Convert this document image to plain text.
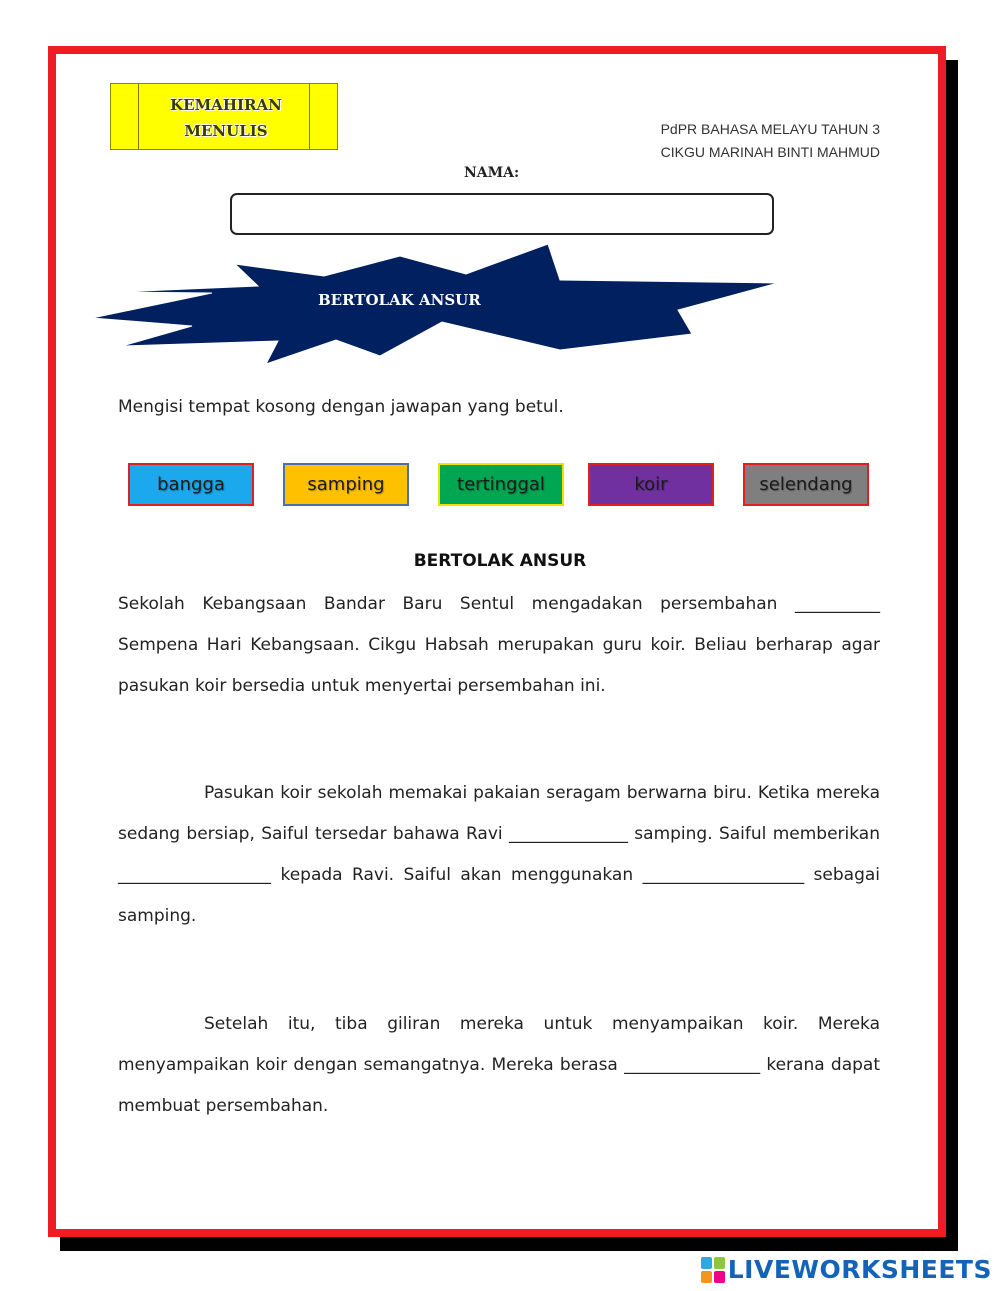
KEMAHIRAN
MENULIS	PdPR BAHASA MELAYU TAHUN 3
CIKGU MARINAH BINTI MAHMUD
NAMA:
BERTOLAK ANSUR
Mengisi tempat kosong dengan jawapan yang betul.
bangga	samping	tertinggal	koir	selendang
BERTOLAK ANSUR

Sekolah Kebangsaan Bandar Baru Sentul mengadakan persembahan __________ Sempena Hari Kebangsaan. Cikgu Habsah merupakan guru koir. Beliau berharap agar pasukan koir bersedia untuk menyertai persembahan ini.

Pasukan koir sekolah memakai pakaian seragam berwarna biru. Ketika mereka sedang bersiap, Saiful tersedar bahawa Ravi ______________ samping. Saiful memberikan __________________ kepada Ravi. Saiful akan menggunakan ___________________ sebagai samping.

Setelah itu, tiba giliran mereka untuk menyampaikan koir. Mereka menyampaikan koir dengan semangatnya. Mereka berasa ________________ kerana dapat membuat persembahan.

LIVEWORKSHEETS
